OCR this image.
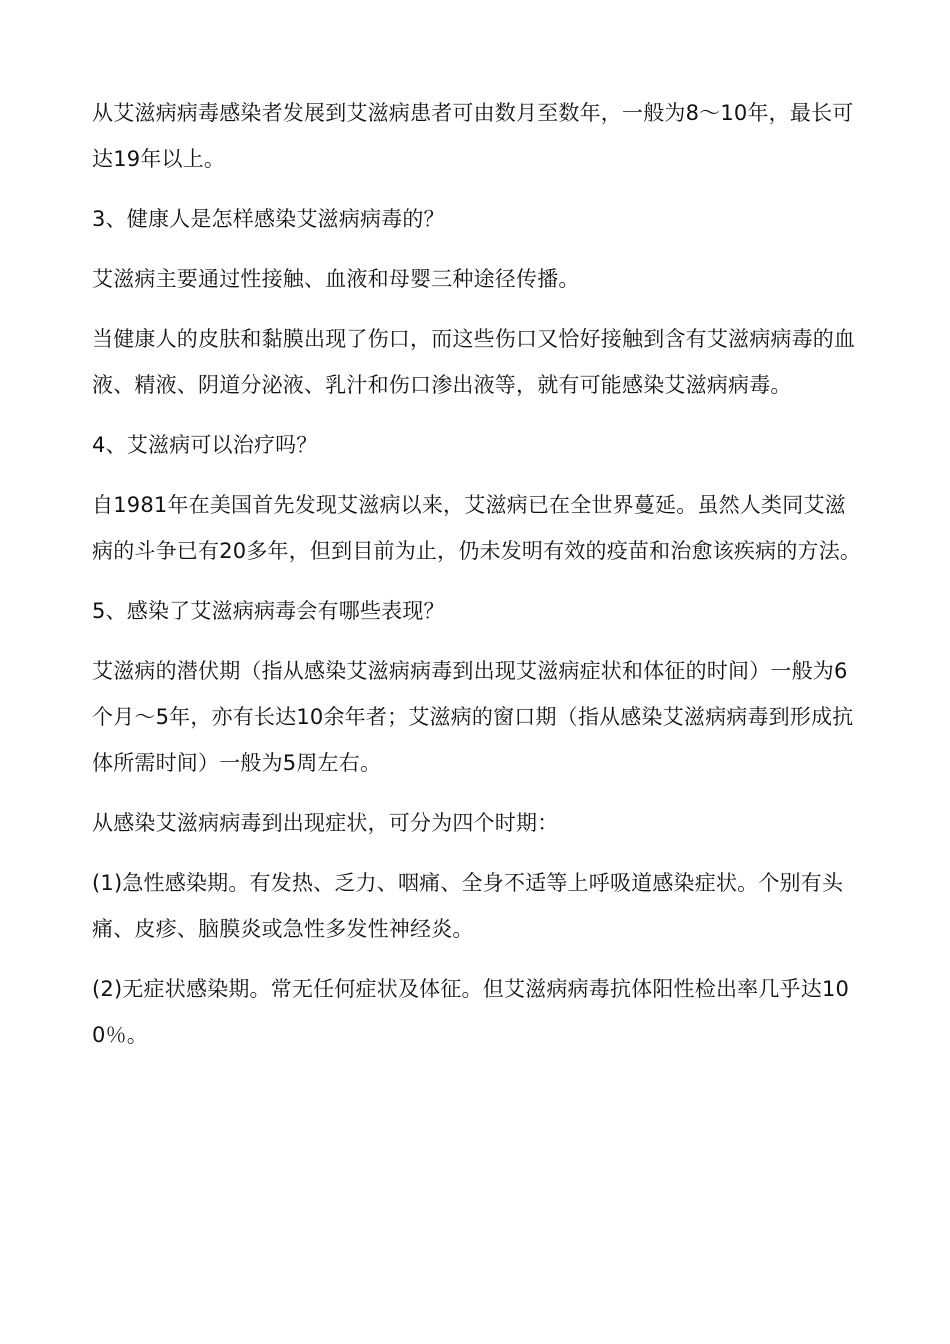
从艾滋病病毒感染者发展到艾滋病患者可由数月至数年，一般为8～10年，最长可达19年以上。

3、健康人是怎样感染艾滋病病毒的？

艾滋病主要通过性接触、血液和母婴三种途径传播。

当健康人的皮肤和黏膜出现了伤口，而这些伤口又恰好接触到含有艾滋病病毒的血液、精液、阴道分泌液、乳汁和伤口渗出液等，就有可能感染艾滋病病毒。

4、艾滋病可以治疗吗？

自1981年在美国首先发现艾滋病以来，艾滋病已在全世界蔓延。虽然人类同艾滋病的斗争已有20多年，但到目前为止，仍未发明有效的疫苗和治愈该疾病的方法。

5、感染了艾滋病病毒会有哪些表现？

艾滋病的潜伏期（指从感染艾滋病病毒到出现艾滋病症状和体征的时间）一般为6个月～5年，亦有长达10余年者；艾滋病的窗口期（指从感染艾滋病病毒到形成抗体所需时间）一般为5周左右。

从感染艾滋病病毒到出现症状，可分为四个时期：

(1)急性感染期。有发热、乏力、咽痛、全身不适等上呼吸道感染症状。个别有头痛、皮疹、脑膜炎或急性多发性神经炎。

(2)无症状感染期。常无任何症状及体征。但艾滋病病毒抗体阳性检出率几乎达100％。
